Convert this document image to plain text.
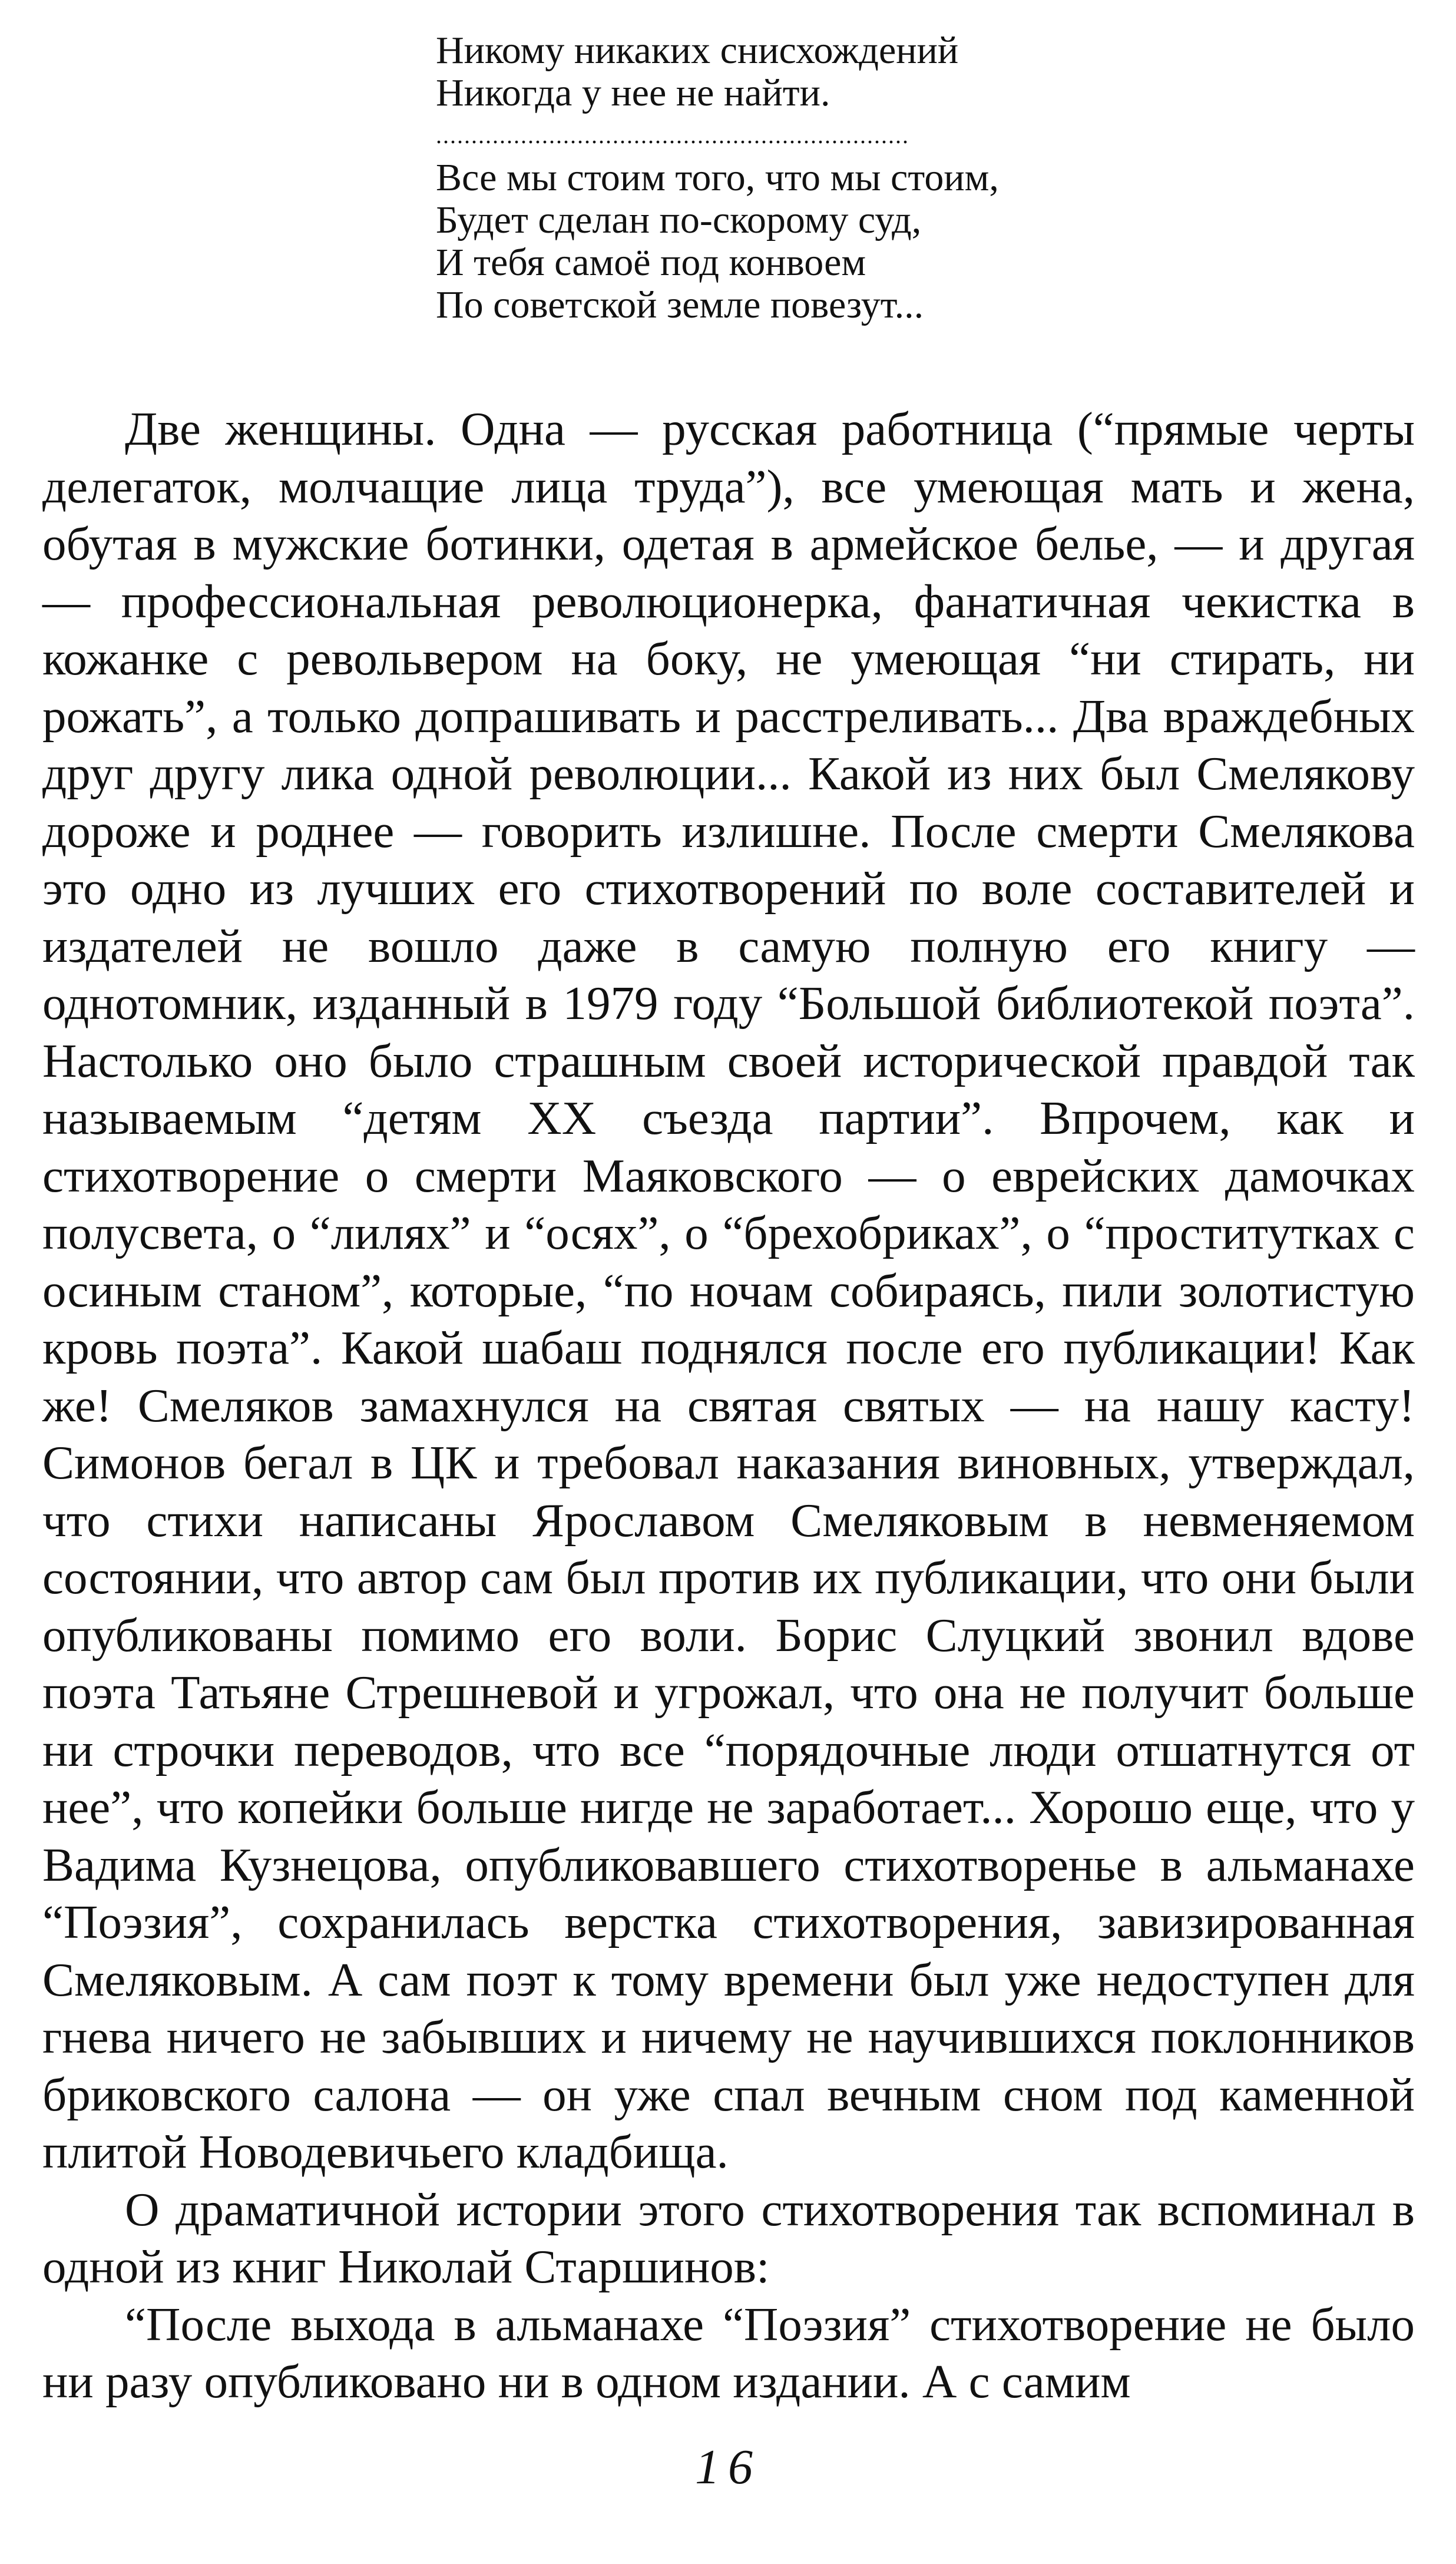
Никому никаких снисхождений
Никогда у нее не найти.
...................................................................
Все мы стоим того, что мы стоим,
Будет сделан по-скорому суд,
И тебя самоё под конвоем
По советской земле повезут...

Две женщины. Одна — русская работница (“прямые черты делегаток, молчащие лица труда”), все умеющая мать и жена, обутая в мужские ботинки, одетая в армейское белье, — и другая — профессиональная революционерка, фанатичная чекистка в кожанке с револьвером на боку, не умеющая “ни стирать, ни рожать”, а только допрашивать и расстреливать... Два враждебных друг другу лика одной революции... Какой из них был Смелякову дороже и роднее — говорить излишне. После смерти Смелякова это одно из лучших его стихотворений по воле составителей и издателей не вошло даже в самую полную его книгу — однотомник, изданный в 1979 году “Большой библиотекой поэта”. Настолько оно было страшным своей исторической правдой так называемым “детям XX съезда партии”. Впрочем, как и стихотворение о смерти Маяковского — о еврейских дамочках полусвета, о “лилях” и “осях”, о “брехобриках”, о “проститутках с осиным станом”, которые, “по ночам собираясь, пили золотистую кровь поэта”. Какой шабаш поднялся после его публикации! Как же! Смеляков замахнулся на святая святых — на нашу касту! Симонов бегал в ЦК и требовал наказания виновных, утверждал, что стихи написаны Ярославом Смеляковым в невменяемом состоянии, что автор сам был против их публикации, что они были опубликованы помимо его воли. Борис Слуцкий звонил вдове поэта Татьяне Стрешневой и угрожал, что она не получит больше ни строчки переводов, что все “порядочные люди отшатнутся от нее”, что копейки больше нигде не заработает... Хорошо еще, что у Вадима Кузнецова, опубликовавшего стихотворенье в альманахе “Поэзия”, сохранилась верстка стихотворения, завизированная Смеляковым. А сам поэт к тому времени был уже недоступен для гнева ничего не забывших и ничему не научившихся поклонников бриковского салона — он уже спал вечным сном под каменной плитой Новодевичьего кладбища.

О драматичной истории этого стихотворения так вспоминал в одной из книг Николай Старшинов:

“После выхода в альманахе “Поэзия” стихотворение не было ни разу опубликовано ни в одном издании. А с самим

16
